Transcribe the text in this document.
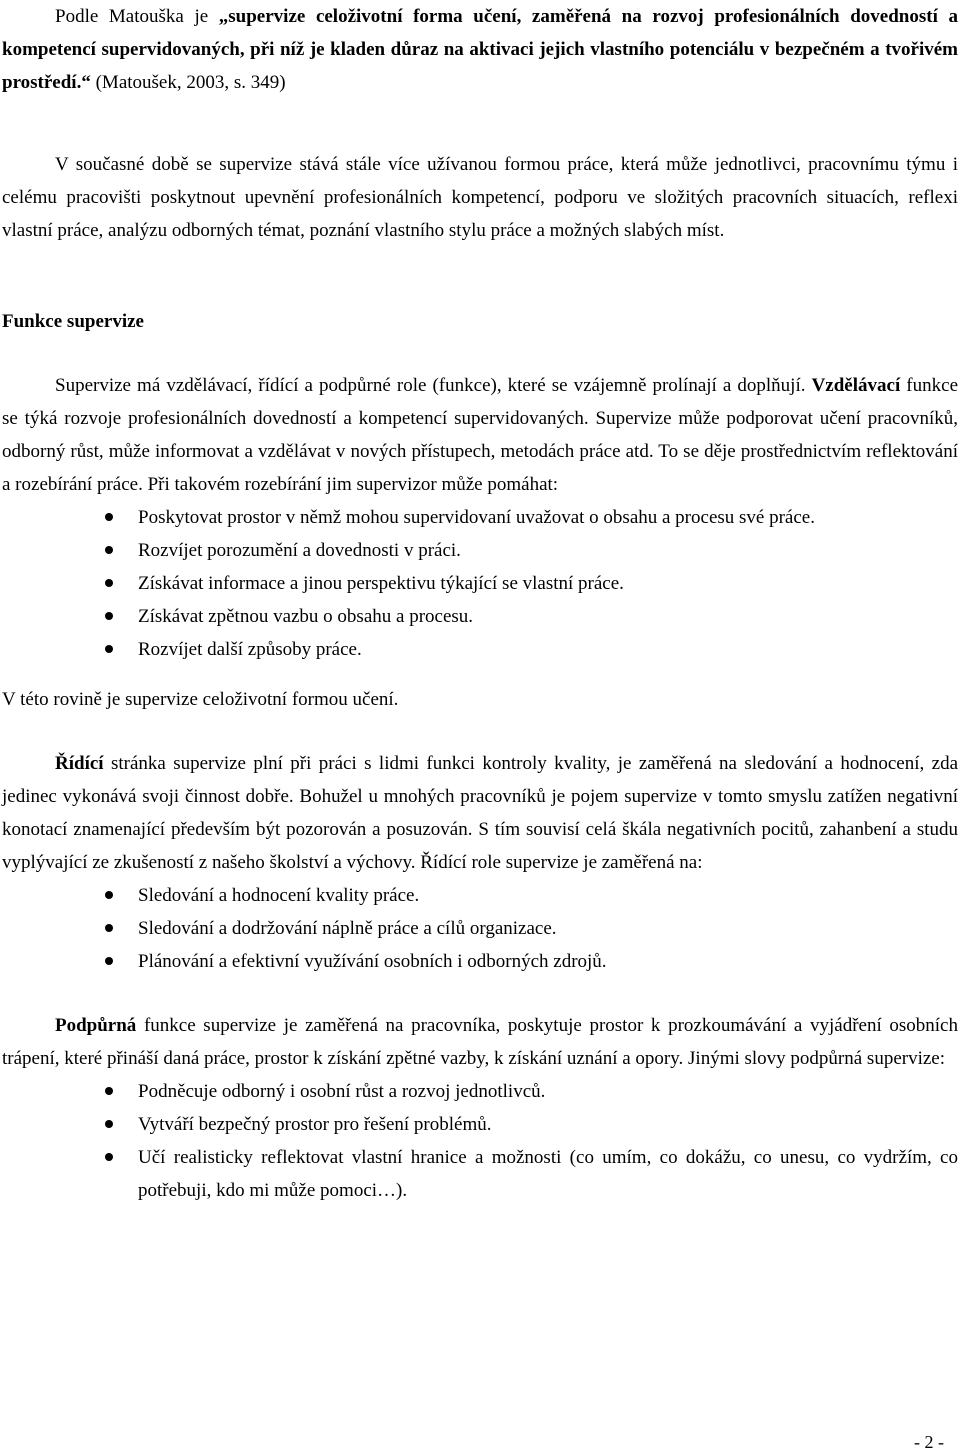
Podle Matouška je „supervize celoživotní forma učení, zaměřená na rozvoj profesionálních dovedností a kompetencí supervidovaných, při níž je kladen důraz na aktivaci jejich vlastního potenciálu v bezpečném a tvořivém prostředí.“ (Matoušek, 2003, s. 349)

V současné době se supervize stává stále více užívanou formou práce, která může jednotlivci, pracovnímu týmu i celému pracovišti poskytnout upevnění profesionálních kompetencí, podporu ve složitých pracovních situacích, reflexi vlastní práce, analýzu odborných témat, poznání vlastního stylu práce a možných slabých míst.

Funkce supervize

Supervize má vzdělávací, řídící a podpůrné role (funkce), které se vzájemně prolínají a doplňují. Vzdělávací funkce se týká rozvoje profesionálních dovedností a kompetencí supervidovaných. Supervize může podporovat učení pracovníků, odborný růst, může informovat a vzdělávat v nových přístupech, metodách práce atd. To se děje prostřednictvím reflektování a rozebírání práce. Při takovém rozebírání jim supervizor může pomáhat:

Poskytovat prostor v němž mohou supervidovaní uvažovat o obsahu a procesu své práce.
Rozvíjet porozumění a dovednosti v práci.
Získávat informace a jinou perspektivu týkající se vlastní práce.
Získávat zpětnou vazbu o obsahu a procesu.
Rozvíjet další způsoby práce.

V této rovině je supervize celoživotní formou učení.

Řídící stránka supervize plní při práci s lidmi funkci kontroly kvality, je zaměřená na sledování a hodnocení, zda jedinec vykonává svoji činnost dobře. Bohužel u mnohých pracovníků je pojem supervize v tomto smyslu zatížen negativní konotací znamenající především být pozorován a posuzován. S tím souvisí celá škála negativních pocitů, zahanbení a studu vyplývající ze zkušeností z našeho školství a výchovy. Řídící role supervize je zaměřená na:

Sledování a hodnocení kvality práce.
Sledování a dodržování náplně práce a cílů organizace.
Plánování a efektivní využívání osobních i odborných zdrojů.

Podpůrná funkce supervize je zaměřená na pracovníka, poskytuje prostor k prozkoumávání a vyjádření osobních trápení, které přináší daná práce, prostor k získání zpětné vazby, k získání uznání a opory. Jinými slovy podpůrná supervize:

Podněcuje odborný i osobní růst a rozvoj jednotlivců.
Vytváří bezpečný prostor pro řešení problémů.
Učí realisticky reflektovat vlastní hranice a možnosti (co umím, co dokážu, co unesu, co vydržím, co potřebuji, kdo mi může pomoci…).
- 2 -
